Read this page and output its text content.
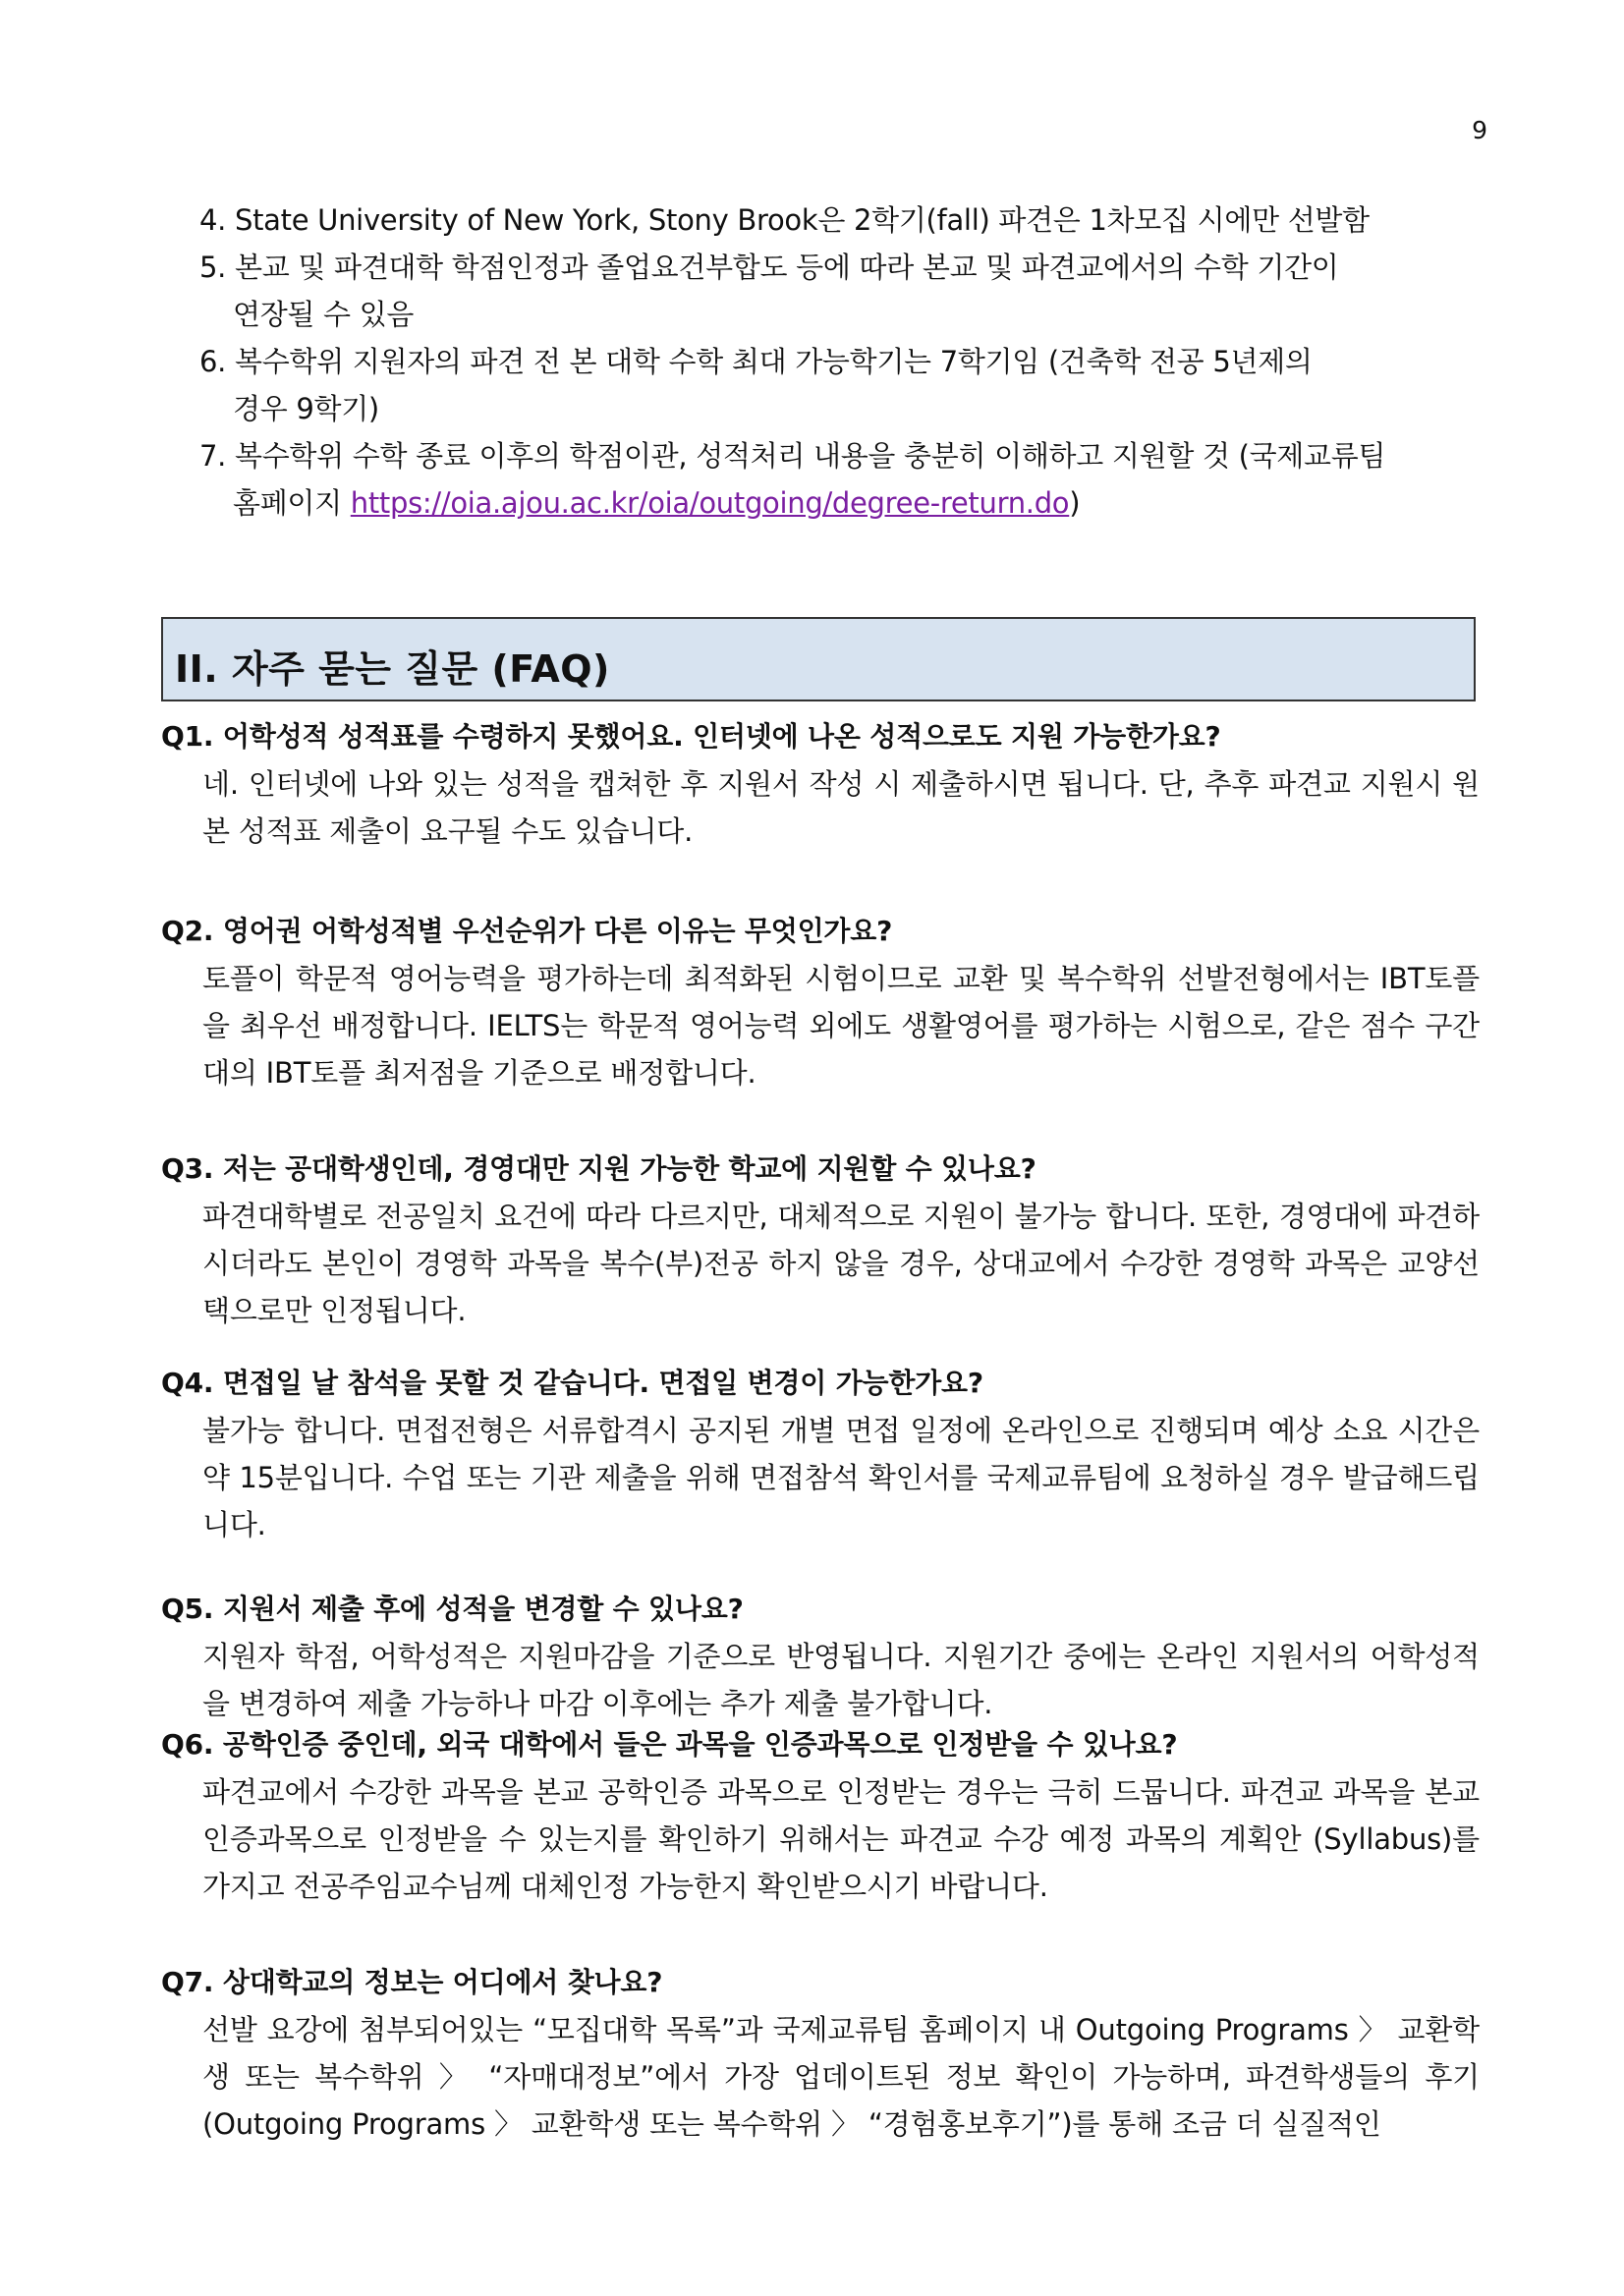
9
4. State University of New York, Stony Brook은 2학기(fall) 파견은 1차모집 시에만 선발함
5. 본교 및 파견대학 학점인정과 졸업요건부합도 등에 따라 본교 및 파견교에서의 수학 기간이
연장될 수 있음
6. 복수학위 지원자의 파견 전 본 대학 수학 최대 가능학기는 7학기임 (건축학 전공 5년제의
경우 9학기)
7. 복수학위 수학 종료 이후의 학점이관, 성적처리 내용을 충분히 이해하고 지원할 것 (국제교류팀
홈페이지 https://oia.ajou.ac.kr/oia/outgoing/degree-return.do)
II. 자주 묻는 질문 (FAQ)
Q1. 어학성적 성적표를 수령하지 못했어요. 인터넷에 나온 성적으로도 지원 가능한가요?
네. 인터넷에 나와 있는 성적을 캡쳐한 후 지원서 작성 시 제출하시면 됩니다. 단, 추후 파견교 지원시 원본 성적표 제출이 요구될 수도 있습니다.
Q2. 영어권 어학성적별 우선순위가 다른 이유는 무엇인가요?
토플이 학문적 영어능력을 평가하는데 최적화된 시험이므로 교환 및 복수학위 선발전형에서는 IBT토플을 최우선 배정합니다. IELTS는 학문적 영어능력 외에도 생활영어를 평가하는 시험으로, 같은 점수 구간대의 IBT토플 최저점을 기준으로 배정합니다.
Q3. 저는 공대학생인데, 경영대만 지원 가능한 학교에 지원할 수 있나요?
파견대학별로 전공일치 요건에 따라 다르지만, 대체적으로 지원이 불가능 합니다. 또한, 경영대에 파견하시더라도 본인이 경영학 과목을 복수(부)전공 하지 않을 경우, 상대교에서 수강한 경영학 과목은 교양선택으로만 인정됩니다.
Q4. 면접일 날 참석을 못할 것 같습니다. 면접일 변경이 가능한가요?
불가능 합니다. 면접전형은 서류합격시 공지된 개별 면접 일정에 온라인으로 진행되며 예상 소요 시간은 약 15분입니다. 수업 또는 기관 제출을 위해 면접참석 확인서를 국제교류팀에 요청하실 경우 발급해드립니다.
Q5. 지원서 제출 후에 성적을 변경할 수 있나요?
지원자 학점, 어학성적은 지원마감을 기준으로 반영됩니다. 지원기간 중에는 온라인 지원서의 어학성적을 변경하여 제출 가능하나 마감 이후에는 추가 제출 불가합니다.
Q6. 공학인증 중인데, 외국 대학에서 들은 과목을 인증과목으로 인정받을 수 있나요?
파견교에서 수강한 과목을 본교 공학인증 과목으로 인정받는 경우는 극히 드뭅니다. 파견교 과목을 본교 인증과목으로 인정받을 수 있는지를 확인하기 위해서는 파견교 수강 예정 과목의 계획안 (Syllabus)를 가지고 전공주임교수님께 대체인정 가능한지 확인받으시기 바랍니다.
Q7. 상대학교의 정보는 어디에서 찾나요?
선발 요강에 첨부되어있는 “모집대학 목록”과 국제교류팀 홈페이지 내 Outgoing Programs 〉 교환학생 또는 복수학위 〉 “자매대정보”에서 가장 업데이트된 정보 확인이 가능하며, 파견학생들의 후기 (Outgoing Programs 〉 교환학생 또는 복수학위 〉 “경험홍보후기”)를 통해 조금 더 실질적인
